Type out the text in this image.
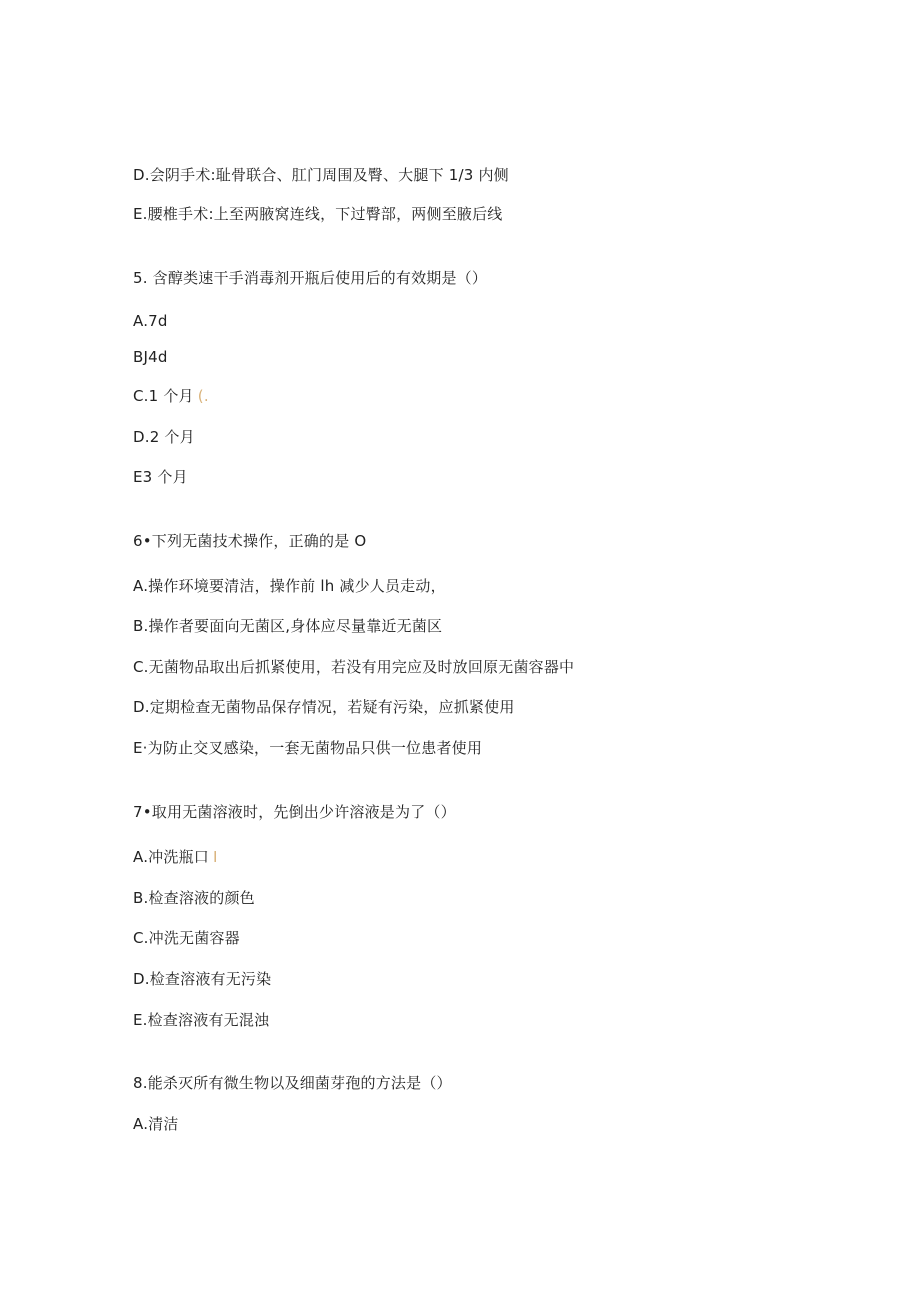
D.会阴手术:耻骨联合、肛门周围及臀、大腿下 1/3 内侧
E.腰椎手术:上至两腋窝连线，下过臀部，两侧至腋后线
5. 含醇类速干手消毒剂开瓶后使用后的有效期是（）
A.7d
BJ4d
C.1 个月 (.
D.2 个月
E3 个月
6•下列无菌技术操作，正确的是 O
A.操作环境要清洁，操作前 lh 减少人员走动，
B.操作者要面向无菌区,身体应尽量靠近无菌区
C.无菌物品取出后抓紧使用，若没有用完应及时放回原无菌容器中
D.定期检查无菌物品保存情况，若疑有污染，应抓紧使用
E·为防止交叉感染，一套无菌物品只供一位患者使用
7•取用无菌溶液时，先倒出少许溶液是为了（）
A.冲洗瓶口 I
B.检查溶液的颜色
C.冲洗无菌容器
D.检查溶液有无污染
E.检查溶液有无混浊
8.能杀灭所有微生物以及细菌芽孢的方法是（）
A.清洁
